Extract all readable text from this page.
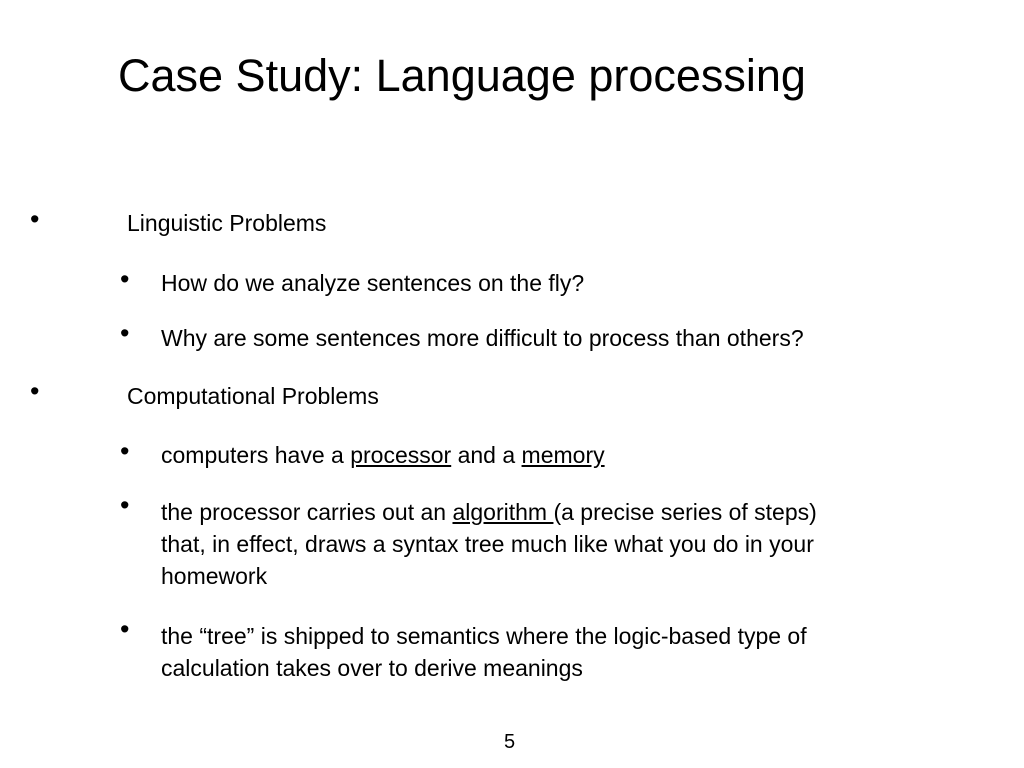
Case Study: Language processing
•	Linguistic Problems
• How do we analyze sentences on the fly?
• Why are some sentences more difficult to process than others?
•	Computational Problems
• computers have a processor and a memory
• the processor carries out an algorithm (a precise series of steps)
that, in effect, draws a syntax tree much like what you do in your
homework
• the “tree” is shipped to semantics where the logic-based type of
calculation takes over to derive meanings
5
